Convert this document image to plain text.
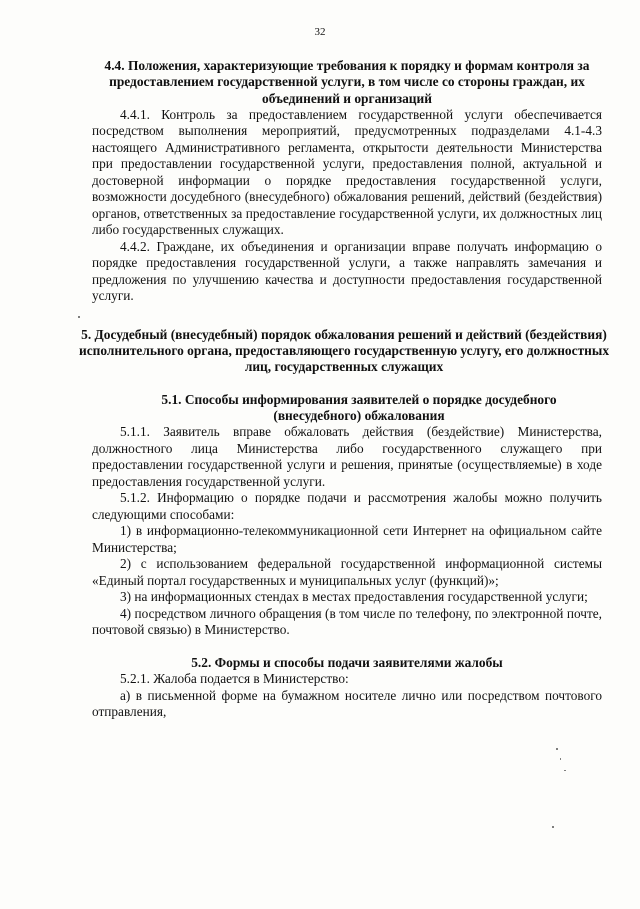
32
4.4. Положения, характеризующие требования к порядку и формам контроля за предоставлением государственной услуги, в том числе со стороны граждан, их объединений и организаций

4.4.1. Контроль за предоставлением государственной услуги обеспечивается посредством выполнения мероприятий, предусмотренных подразделами 4.1-4.3 настоящего Административного регламента, открытости деятельности Министерства при предоставлении государственной услуги, предоставления полной, актуальной и достоверной информации о порядке предоставления государственной услуги, возможности досудебного (внесудебного) обжалования решений, действий (бездействия) органов, ответственных за предоставление государственной услуги, их должностных лиц либо государственных служащих.

4.4.2. Граждане, их объединения и организации вправе получать информацию о порядке предоставления государственной услуги, а также направлять замечания и предложения по улучшению качества и доступности предоставления государственной услуги.

5. Досудебный (внесудебный) порядок обжалования решений и действий (бездействия) исполнительного органа, предоставляющего государственную услугу, его должностных лиц, государственных служащих
5.1. Способы информирования заявителей о порядке досудебного (внесудебного) обжалования

5.1.1. Заявитель вправе обжаловать действия (бездействие) Министерства, должностного лица Министерства либо государственного служащего при предоставлении государственной услуги и решения, принятые (осуществляемые) в ходе предоставления государственной услуги.

5.1.2. Информацию о порядке подачи и рассмотрения жалобы можно получить следующими способами:

1) в информационно-телекоммуникационной сети Интернет на официальном сайте Министерства;

2) с использованием федеральной государственной информационной системы «Единый портал государственных и муниципальных услуг (функций)»;

3) на информационных стендах в местах предоставления государственной услуги;

4) посредством личного обращения (в том числе по телефону, по электронной почте, почтовой связью) в Министерство.

5.2. Формы и способы подачи заявителями жалобы

5.2.1. Жалоба подается в Министерство:

а) в письменной форме на бумажном носителе лично или посредством почтового отправления,
